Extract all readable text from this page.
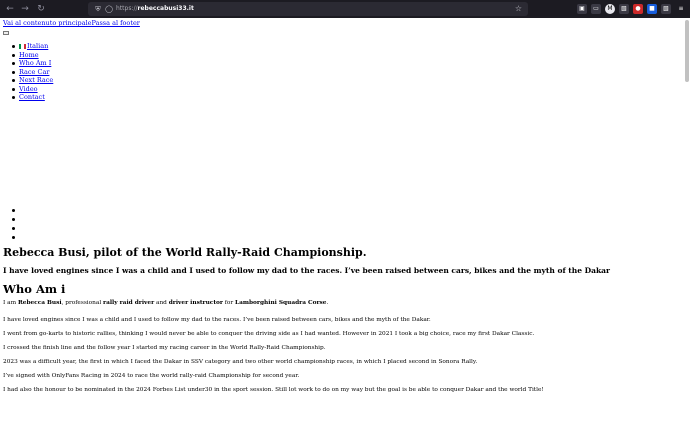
← → ↻	⛨ ◯ https://rebeccabusi33.it	☆	▣	▭	M	▧	●	■	▧	≡
Vai al contenuto principalePassa al footer
Italian
Home
Who Am I
Race Car
Next Race
Video
Contact
Rebecca Busi, pilot of the World Rally-Raid Championship.
I have loved engines since I was a child and I used to follow my dad to the races. I’ve been raised between cars, bikes and the myth of the Dakar
Who Am i

I am Rebecca Busi, professional rally raid driver and driver instructor for Lamborghini Squadra Corse.

I have loved engines since I was a child and I used to follow my dad to the races. I’ve been raised between cars, bikes and the myth of the Dakar.

I went from go-karts to historic rallies, thinking I would never be able to conquer the driving side as I had wanted. However in 2021 I took a big choice, race my first Dakar Classic.

I crossed the finish line and the follow year I started my racing career in the World Rally-Raid Championship.

2023 was a difficult year, the first in which I faced the Dakar in SSV category and two other world championship races, in which I placed second in Sonora Rally.

I’ve signed with OnlyFans Racing in 2024 to race the world rally-raid Championship for second year.

I had also the honour to be nominated in the 2024 Forbes List under30 in the sport session. Still lot work to do on my way but the goal is be able to conquer Dakar and the world Title!
